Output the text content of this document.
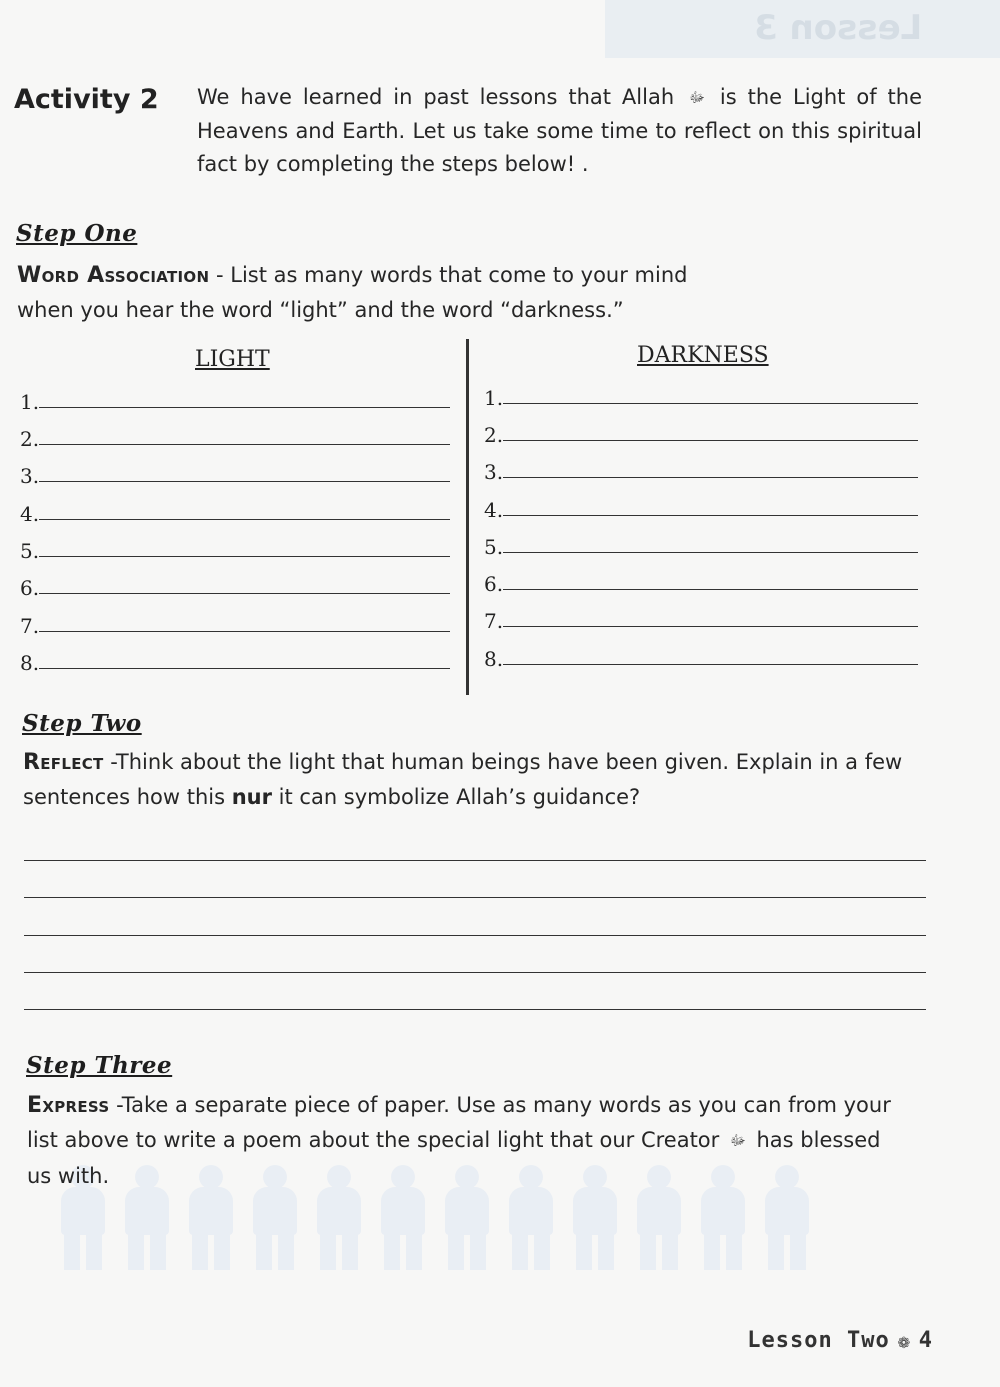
Lesson 3
Activity 2 We have learned in past lessons that Allah ﷻ is the Light of the Heavens and Earth. Let us take some time to reflect on this spiritual fact by completing the steps below! .
Step One
Word Association - List as many words that come to your mind
when you hear the word “light” and the word “darkness.”
LIGHT	DARKNESS
1.
2.
3.
4.
5.
6.
7.
8.
1.
2.
3.
4.
5.
6.
7.
8.
Step Two
Reflect -Think about the light that human beings have been given. Explain in a few sentences how this nur it can symbolize Allah’s guidance?
Step Three
Express -Take a separate piece of paper. Use as many words as you can from your list above to write a poem about the special light that our Creator ﷻ has blessed us with.
Lesson Two ❁ 4
